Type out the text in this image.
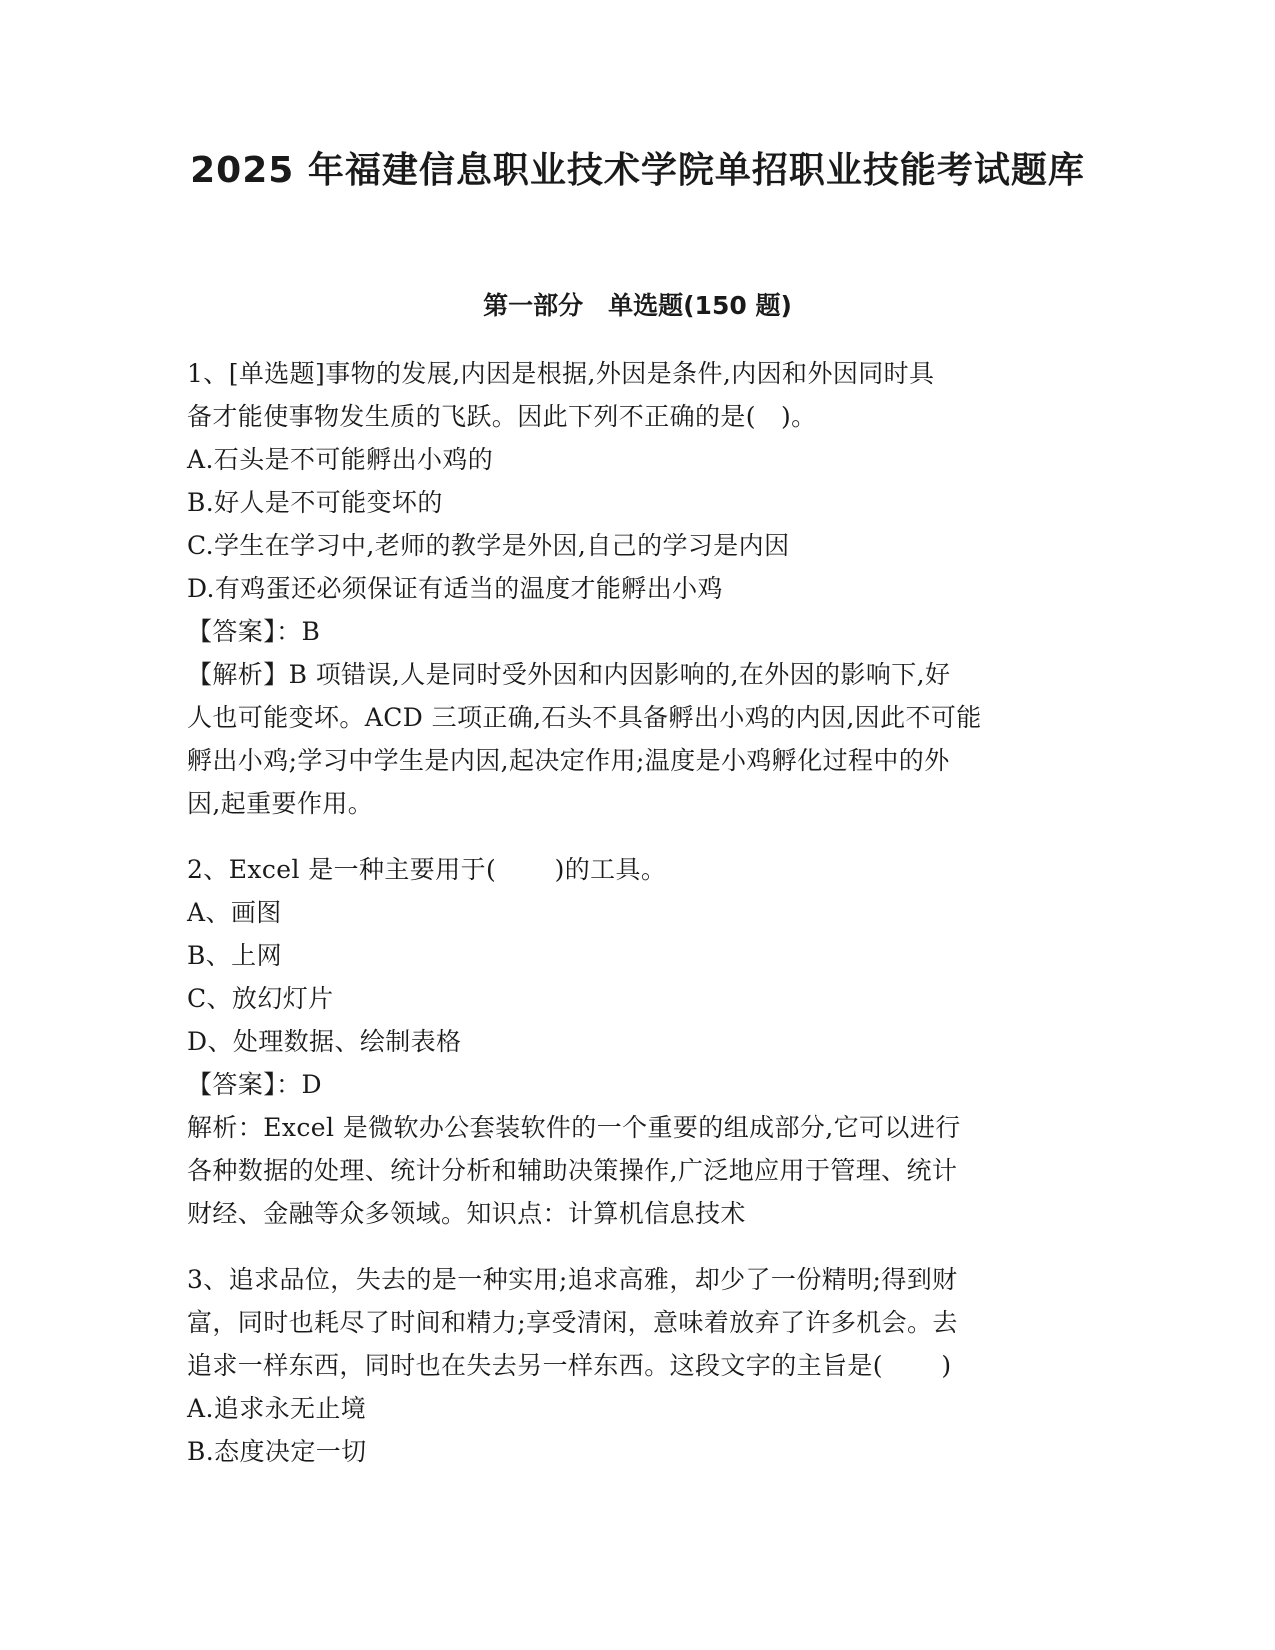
2025 年福建信息职业技术学院单招职业技能考试题库
第一部分　单选题(150 题)

1、[单选题]事物的发展,内因是根据,外因是条件,内因和外因同时具

备才能使事物发生质的飞跃。因此下列不正确的是(   )。

A.石头是不可能孵出小鸡的

B.好人是不可能变坏的

C.学生在学习中,老师的教学是外因,自己的学习是内因

D.有鸡蛋还必须保证有适当的温度才能孵出小鸡

【答案】：B

【解析】B 项错误,人是同时受外因和内因影响的,在外因的影响下,好

人也可能变坏。ACD 三项正确,石头不具备孵出小鸡的内因,因此不可能

孵出小鸡;学习中学生是内因,起决定作用;温度是小鸡孵化过程中的外

因,起重要作用。

2、Excel 是一种主要用于(       )的工具。

A、画图

B、上网

C、放幻灯片

D、处理数据、绘制表格

【答案】：D

解析：Excel 是微软办公套装软件的一个重要的组成部分,它可以进行

各种数据的处理、统计分析和辅助决策操作,广泛地应用于管理、统计

财经、金融等众多领域。知识点：计算机信息技术

3、追求品位，失去的是一种实用;追求高雅，却少了一份精明;得到财

富，同时也耗尽了时间和精力;享受清闲，意味着放弃了许多机会。去

追求一样东西，同时也在失去另一样东西。这段文字的主旨是(       )

A.追求永无止境

B.态度决定一切
